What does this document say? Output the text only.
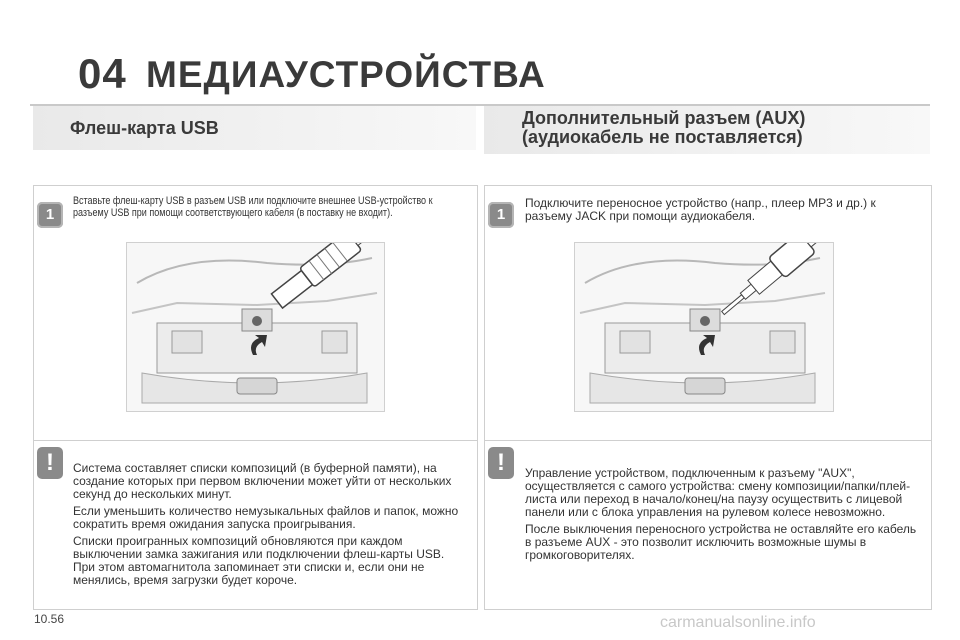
04 МЕДИАУСТРОЙСТВА
Флеш-карта USB	Дополнительный разъем (AUX)
(аудиокабель не поставляется)
1
Вставьте флеш-карту USB в разъем USB или подключите внешнее USB-устройство к разъему USB при помощи соответствующего кабеля (в поставку не входит).
!	Система составляет списки композиций (в буферной памяти), на создание которых при первом включении может уйти от нескольких секунд до нескольких минут.

Если уменьшить количество немузыкальных файлов и папок, можно сократить время ожидания запуска проигрывания.

Списки проигранных композиций обновляются при каждом выключении замка зажигания или подключении флеш-карты USB. При этом автомагнитола запоминает эти списки и, если они не менялись, время загрузки будет короче.

1
Подключите переносное устройство (напр., плеер MP3 и др.) к разъему JACK при помощи аудиокабеля.
!	Управление устройством, подключенным к разъему "AUX", осуществляется с самого устройства: смену композиции/папки/плей-листа или переход в начало/конец/на паузу осуществить с лицевой панели или с блока управления на рулевом колесе невозможно.

После выключения переносного устройства не оставляйте его кабель в разъеме AUX - это позволит исключить возможные шумы в громкоговорителях.

10.56	carmanualsonline.info
